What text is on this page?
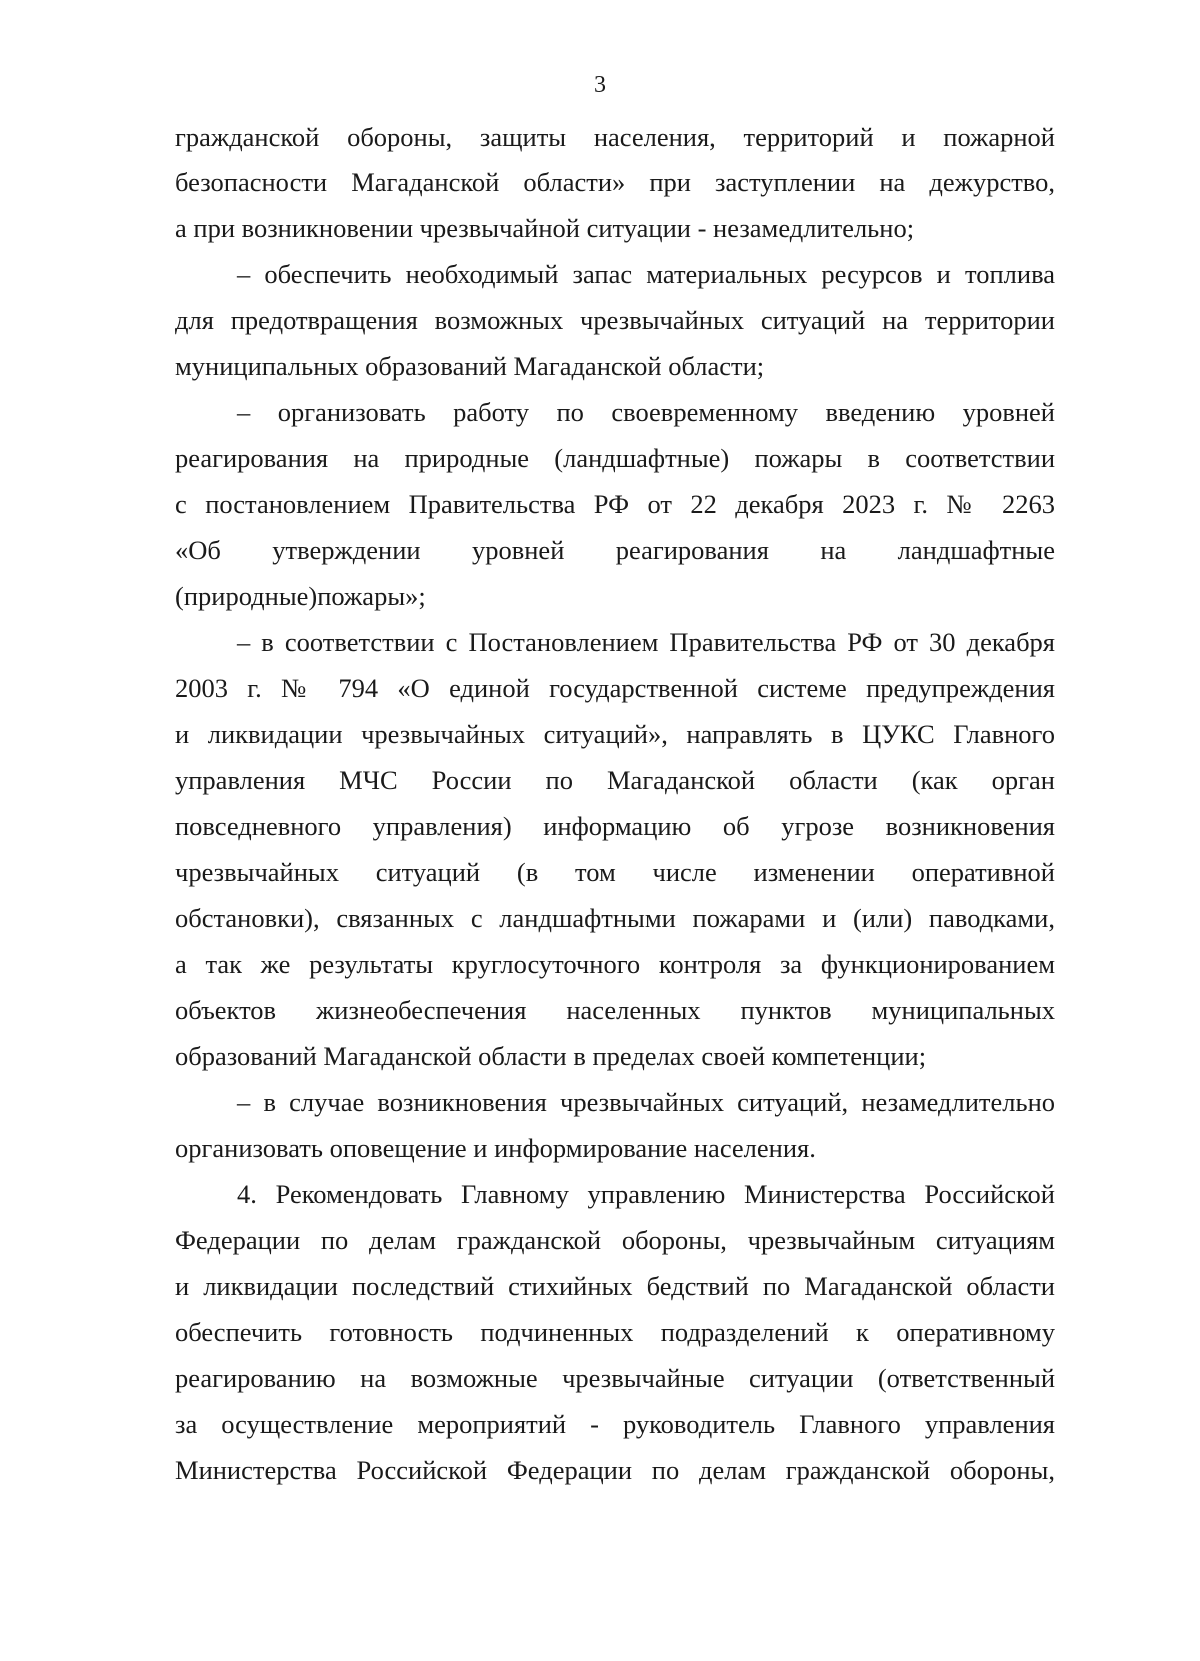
3
гражданской обороны, защиты населения, территорий и пожарной
безопасности Магаданской области» при заступлении на дежурство,
а при возникновении чрезвычайной ситуации - незамедлительно;
– обеспечить необходимый запас материальных ресурсов и топлива
для предотвращения возможных чрезвычайных ситуаций на территории
муниципальных образований Магаданской области;
– организовать работу по своевременному введению уровней
реагирования на природные (ландшафтные) пожары в соответствии
с постановлением Правительства РФ от 22 декабря 2023 г. № 2263
«Об утверждении уровней реагирования на ландшафтные
(природные)пожары»;
– в соответствии с Постановлением Правительства РФ от 30 декабря
2003 г. № 794 «О единой государственной системе предупреждения
и ликвидации чрезвычайных ситуаций», направлять в ЦУКС Главного
управления МЧС России по Магаданской области (как орган
повседневного управления) информацию об угрозе возникновения
чрезвычайных ситуаций (в том числе изменении оперативной
обстановки), связанных с ландшафтными пожарами и (или) паводками,
а так же результаты круглосуточного контроля за функционированием
объектов жизнеобеспечения населенных пунктов муниципальных
образований Магаданской области в пределах своей компетенции;
– в случае возникновения чрезвычайных ситуаций, незамедлительно
организовать оповещение и информирование населения.
4. Рекомендовать Главному управлению Министерства Российской
Федерации по делам гражданской обороны, чрезвычайным ситуациям
и ликвидации последствий стихийных бедствий по Магаданской области
обеспечить готовность подчиненных подразделений к оперативному
реагированию на возможные чрезвычайные ситуации (ответственный
за осуществление мероприятий - руководитель Главного управления
Министерства Российской Федерации по делам гражданской обороны,
